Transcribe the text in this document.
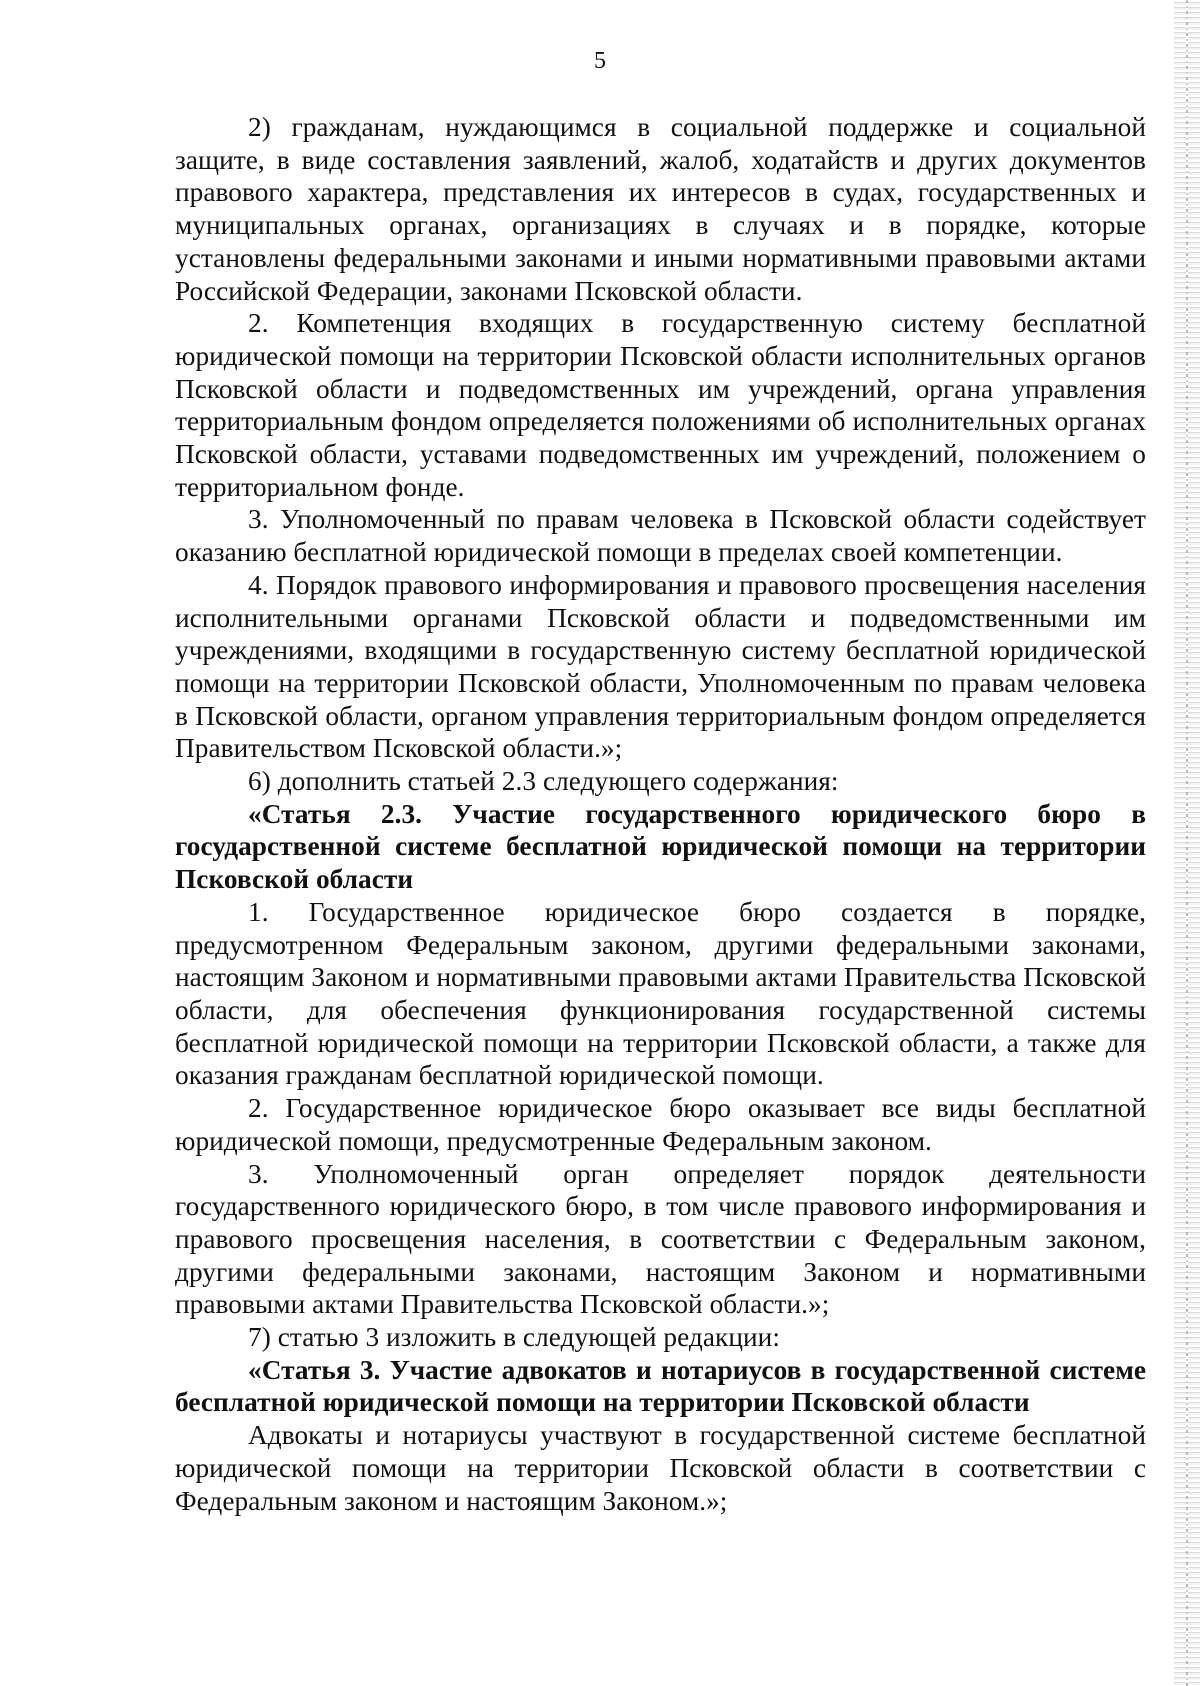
5

2) гражданам, нуждающимся в социальной поддержке и социальной защите, в виде составления заявлений, жалоб, ходатайств и других документов правового характера, представления их интересов в судах, государственных и муниципальных органах, организациях в случаях и в порядке, которые установлены федеральными законами и иными нормативными правовыми актами Российской Федерации, законами Псковской области.

2. Компетенция входящих в государственную систему бесплатной юридической помощи на территории Псковской области исполнительных органов Псковской области и подведомственных им учреждений, органа управления территориальным фондом определяется положениями об исполнительных органах Псковской области, уставами подведомственных им учреждений, положением о территориальном фонде.

3. Уполномоченный по правам человека в Псковской области содействует оказанию бесплатной юридической помощи в пределах своей компетенции.

4. Порядок правового информирования и правового просвещения населения исполнительными органами Псковской области и подведомственными им учреждениями, входящими в государственную систему бесплатной юридической помощи на территории Псковской области, Уполномоченным по правам человека в Псковской области, органом управления территориальным фондом определяется Правительством Псковской области.»;

6) дополнить статьей 2.3 следующего содержания:

«Статья 2.3. Участие государственного юридического бюро в государственной системе бесплатной юридической помощи на территории Псковской области

1. Государственное юридическое бюро создается в порядке, предусмотренном Федеральным законом, другими федеральными законами, настоящим Законом и нормативными правовыми актами Правительства Псковской области, для обеспечения функционирования государственной системы бесплатной юридической помощи на территории Псковской области, а также для оказания гражданам бесплатной юридической помощи.

2. Государственное юридическое бюро оказывает все виды бесплатной юридической помощи, предусмотренные Федеральным законом.

3. Уполномоченный орган определяет порядок деятельности государственного юридического бюро, в том числе правового информирования и правового просвещения населения, в соответствии с Федеральным законом, другими федеральными законами, настоящим Законом и нормативными правовыми актами Правительства Псковской области.»;

7) статью 3 изложить в следующей редакции:

«Статья 3. Участие адвокатов и нотариусов в государственной системе бесплатной юридической помощи на территории Псковской области

Адвокаты и нотариусы участвуют в государственной системе бесплатной юридической помощи на территории Псковской области в соответствии с Федеральным законом и настоящим Законом.»;
